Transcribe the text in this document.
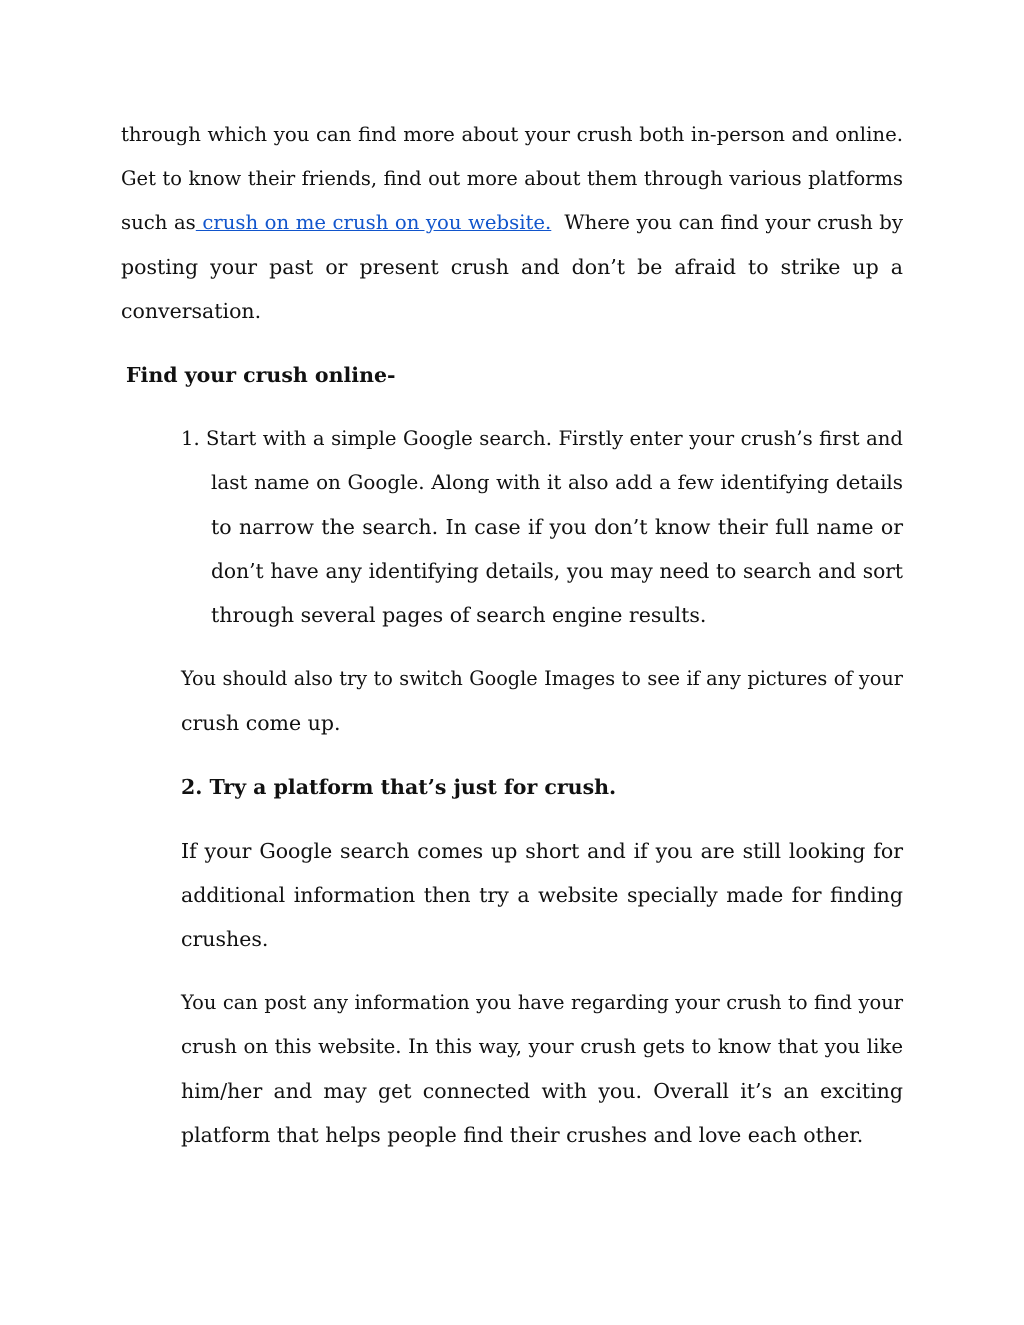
through which you can find more about your crush both in-person and online.
Get to know their friends, find out more about them through various platforms
such as crush on me crush on you website.  Where you can find your crush by
posting your past or present crush and don’t be afraid to strike up a
conversation.
Find your crush online-
1. Start with a simple Google search. Firstly enter your crush’s first and
last name on Google. Along with it also add a few identifying details
to narrow the search. In case if you don’t know their full name or
don’t have any identifying details, you may need to search and sort
through several pages of search engine results.
You should also try to switch Google Images to see if any pictures of your
crush come up.
2. Try a platform that’s just for crush.
If your Google search comes up short and if you are still looking for
additional information then try a website specially made for finding
crushes.
You can post any information you have regarding your crush to find your
crush on this website. In this way, your crush gets to know that you like
him/her and may get connected with you. Overall it’s an exciting
platform that helps people find their crushes and love each other.
